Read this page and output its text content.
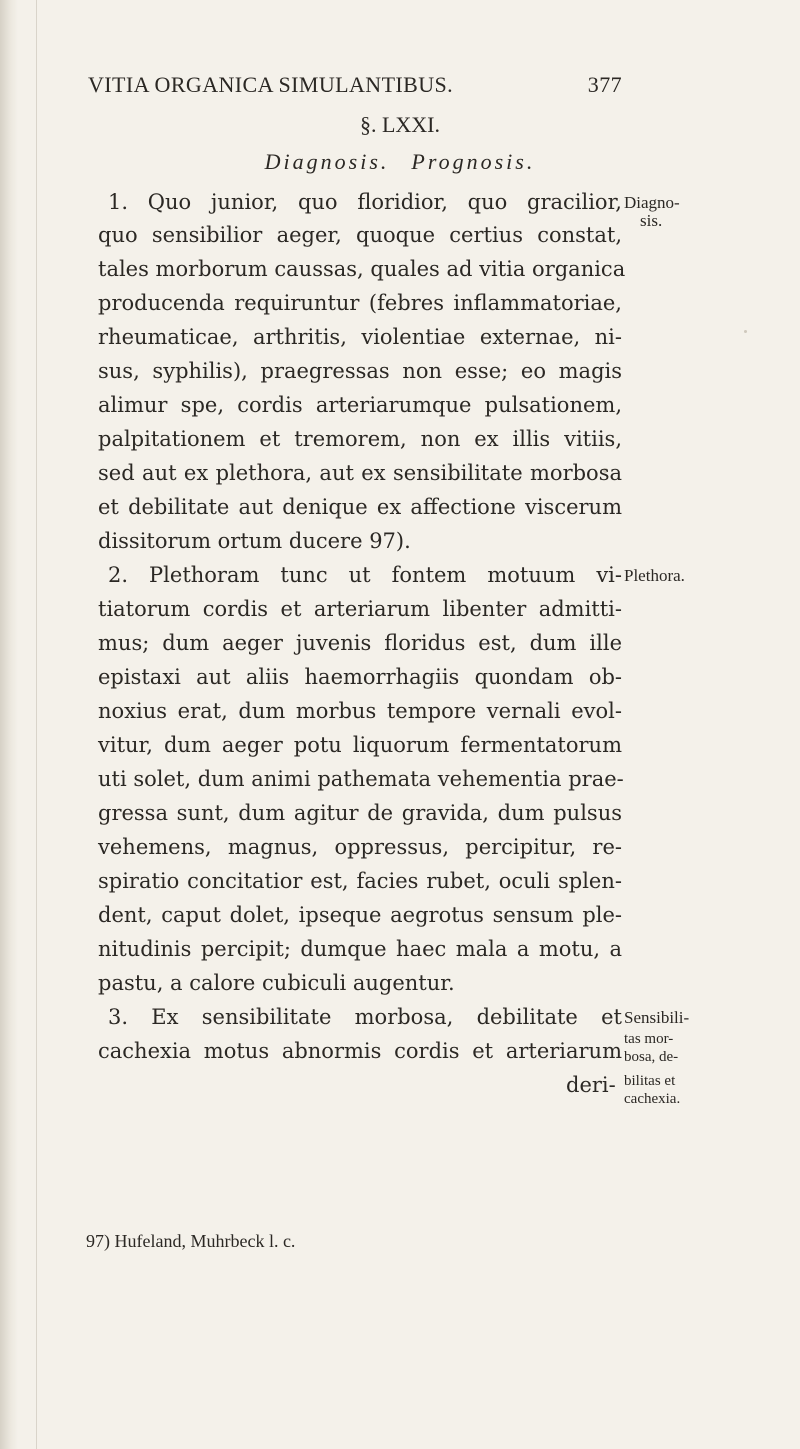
VITIA ORGANICA SIMULANTIBUS.	377
§. LXXI.
Diagnosis. Prognosis.
1. Quo junior, quo floridior, quo gracilior,
quo sensibilior aeger, quoque certius constat,
tales morborum caussas, quales ad vitia organica
producenda requiruntur (febres inflammatoriae,
rheumaticae, arthritis, violentiae externae, ni-
sus, syphilis), praegressas non esse; eo magis
alimur spe, cordis arteriarumque pulsationem,
palpitationem et tremorem, non ex illis vitiis,
sed aut ex plethora, aut ex sensibilitate morbosa
et debilitate aut denique ex affectione viscerum
dissitorum ortum ducere 97).
2. Plethoram tunc ut fontem motuum vi-
tiatorum cordis et arteriarum libenter admitti-
mus; dum aeger juvenis floridus est, dum ille
epistaxi aut aliis haemorrhagiis quondam ob-
noxius erat, dum morbus tempore vernali evol-
vitur, dum aeger potu liquorum fermentatorum
uti solet, dum animi pathemata vehementia prae-
gressa sunt, dum agitur de gravida, dum pulsus
vehemens, magnus, oppressus, percipitur, re-
spiratio concitatior est, facies rubet, oculi splen-
dent, caput dolet, ipseque aegrotus sensum ple-
nitudinis percipit; dumque haec mala a motu, a
pastu, a calore cubiculi augentur.
3. Ex sensibilitate morbosa, debilitate et
cachexia motus abnormis cordis et arteriarum
deri-
Diagno-
sis.
Plethora.
Sensibili-
tas mor-
bosa, de-
bilitas et
cachexia.
97) Hufeland, Muhrbeck l. c.
